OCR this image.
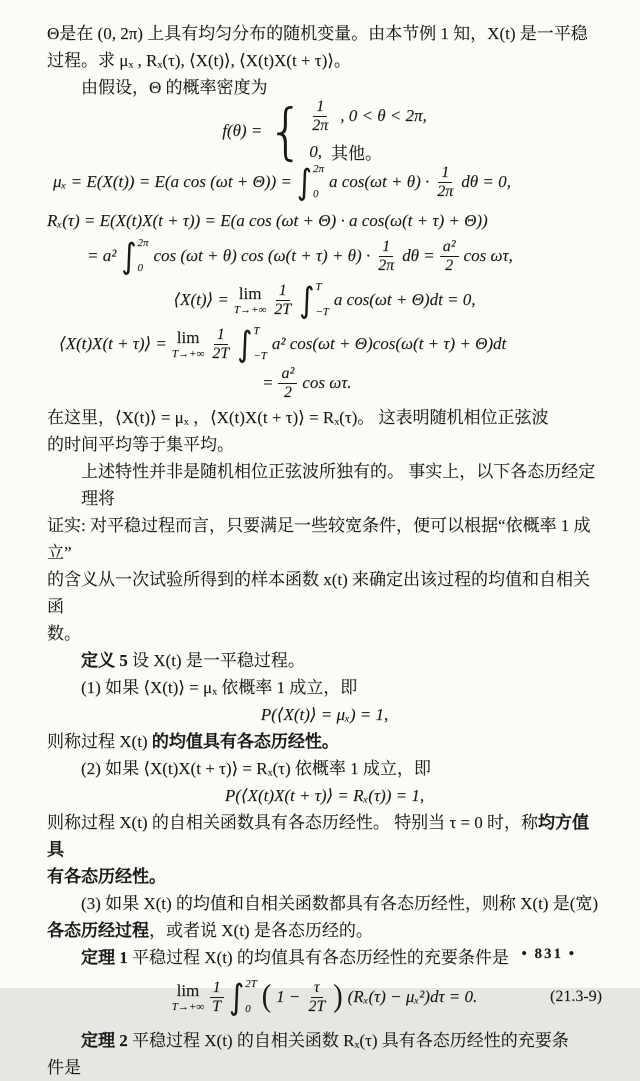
Θ是在 (0, 2π) 上具有均匀分布的随机变量。由本节例 1 知，X(t) 是一平稳
过程。求 μₓ , Rₓ(τ), ⟨X(t)⟩, ⟨X(t)X(t + τ)⟩。
由假设，Θ 的概率密度为
f(θ) = { $\frac{1}{2\pi}$ , 0 < θ < 2π,
0, 其他。
μₓ = E(X(t)) = E(a cos (ωt + Θ)) = ∫ 2π
0
a $\cos(\omega t + \theta) \cdot \frac{1}{2\pi}$ dθ = 0,
Rₓ(τ) = E(X(t)X(t + τ)) = E(a cos (ωt + Θ) · a cos(ω(t + τ) + Θ))
= a² ∫ 2π
0
cos (ωt + θ) $\cos (\omega(t + \tau) + \theta) \cdot \frac{1}{2\pi}$ $d\theta = \frac{\text{a²}}{2}$ cos ωτ,
⟨X(t)⟩ = lim
$T\to+\infty \frac{1}{2T}$ ∫ T
−T
a cos(ωt + Θ)dt = 0,
⟨X(t)X(t + τ)⟩ = lim
$T\to+\infty \frac{1}{2T}$ ∫ T
−T
a² cos(ωt + Θ)cos(ω(t + τ) + Θ)dt
= $\frac{\text{a²}}{2}$ cos ωτ.
在这里，⟨X(t)⟩ = μₓ ，⟨X(t)X(t + τ)⟩ = Rₓ(τ)。 这表明随机相位正弦波
的时间平均等于集平均。
上述特性并非是随机相位正弦波所独有的。 事实上，以下各态历经定理将
证实: 对平稳过程而言，只要满足一些较宽条件，便可以根据“依概率 1 成立”
的含义从一次试验所得到的样本函数 x(t) 来确定出该过程的均值和自相关函
数。
定义 5 设 X(t) 是一平稳过程。
(1) 如果 ⟨X(t)⟩ = μₓ 依概率 1 成立，即
P(⟨X(t)⟩ = μₓ) = 1,
则称过程 X(t) 的均值具有各态历经性。
(2) 如果 ⟨X(t)X(t + τ)⟩ = Rₓ(τ) 依概率 1 成立，即
P(⟨X(t)X(t + τ)⟩ = Rₓ(τ)) = 1,
则称过程 X(t) 的自相关函数具有各态历经性。 特别当 τ = 0 时，称均方值具
有各态历经性。
(3) 如果 X(t) 的均值和自相关函数都具有各态历经性，则称 X(t) 是(宽)
各态历经过程，或者说 X(t) 是各态历经的。
定理 1 平稳过程 X(t) 的均值具有各态历经性的充要条件是
lim
$T\to+\infty \frac{1}{T}$ ∫ 2T
0 ( $1 - \frac{\tau}{2T}$ ) (Rₓ(τ) − μₓ²)dτ = 0.	(21.3-9)
定理 2 平稳过程 X(t) 的自相关函数 Rₓ(τ) 具有各态历经性的充要条
件是
• 831 •
